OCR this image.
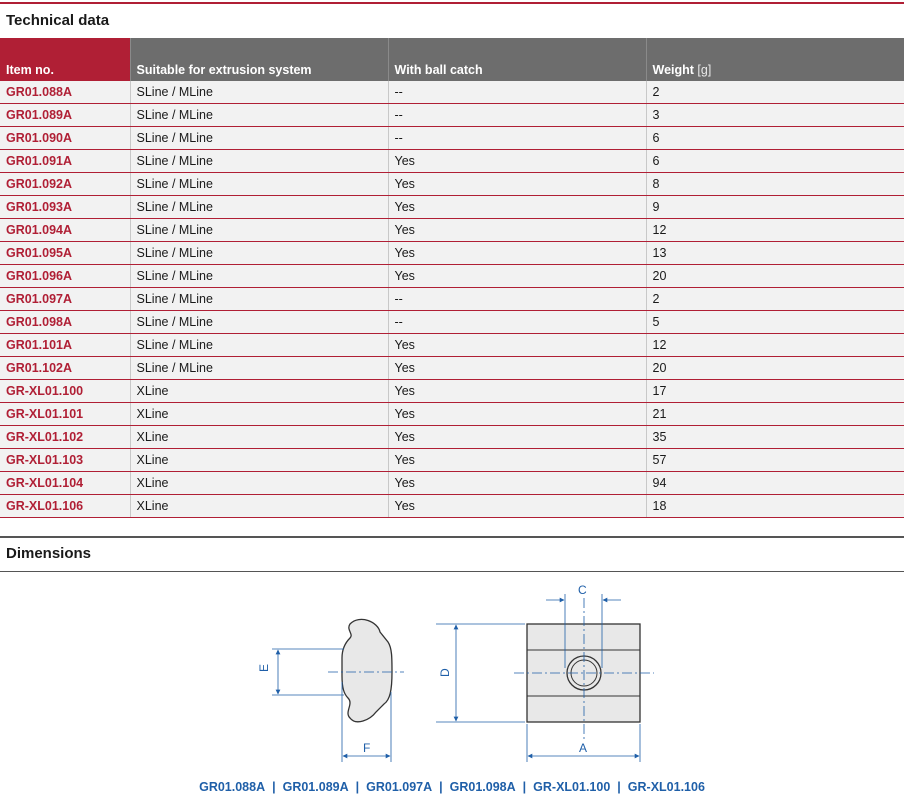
Technical data
Item no.	Suitable for extrusion system	With ball catch	Weight [g]
GR01.088A	SLine / MLine	--	2
GR01.089A	SLine / MLine	--	3
GR01.090A	SLine / MLine	--	6
GR01.091A	SLine / MLine	Yes	6
GR01.092A	SLine / MLine	Yes	8
GR01.093A	SLine / MLine	Yes	9
GR01.094A	SLine / MLine	Yes	12
GR01.095A	SLine / MLine	Yes	13
GR01.096A	SLine / MLine	Yes	20
GR01.097A	SLine / MLine	--	2
GR01.098A	SLine / MLine	--	5
GR01.101A	SLine / MLine	Yes	12
GR01.102A	SLine / MLine	Yes	20
GR-XL01.100	XLine	Yes	17
GR-XL01.101	XLine	Yes	21
GR-XL01.102	XLine	Yes	35
GR-XL01.103	XLine	Yes	57
GR-XL01.104	XLine	Yes	94
GR-XL01.106	XLine	Yes	18
Dimensions
E
F
C
D
A
GR01.088A | GR01.089A | GR01.097A | GR01.098A | GR-XL01.100 | GR-XL01.106
